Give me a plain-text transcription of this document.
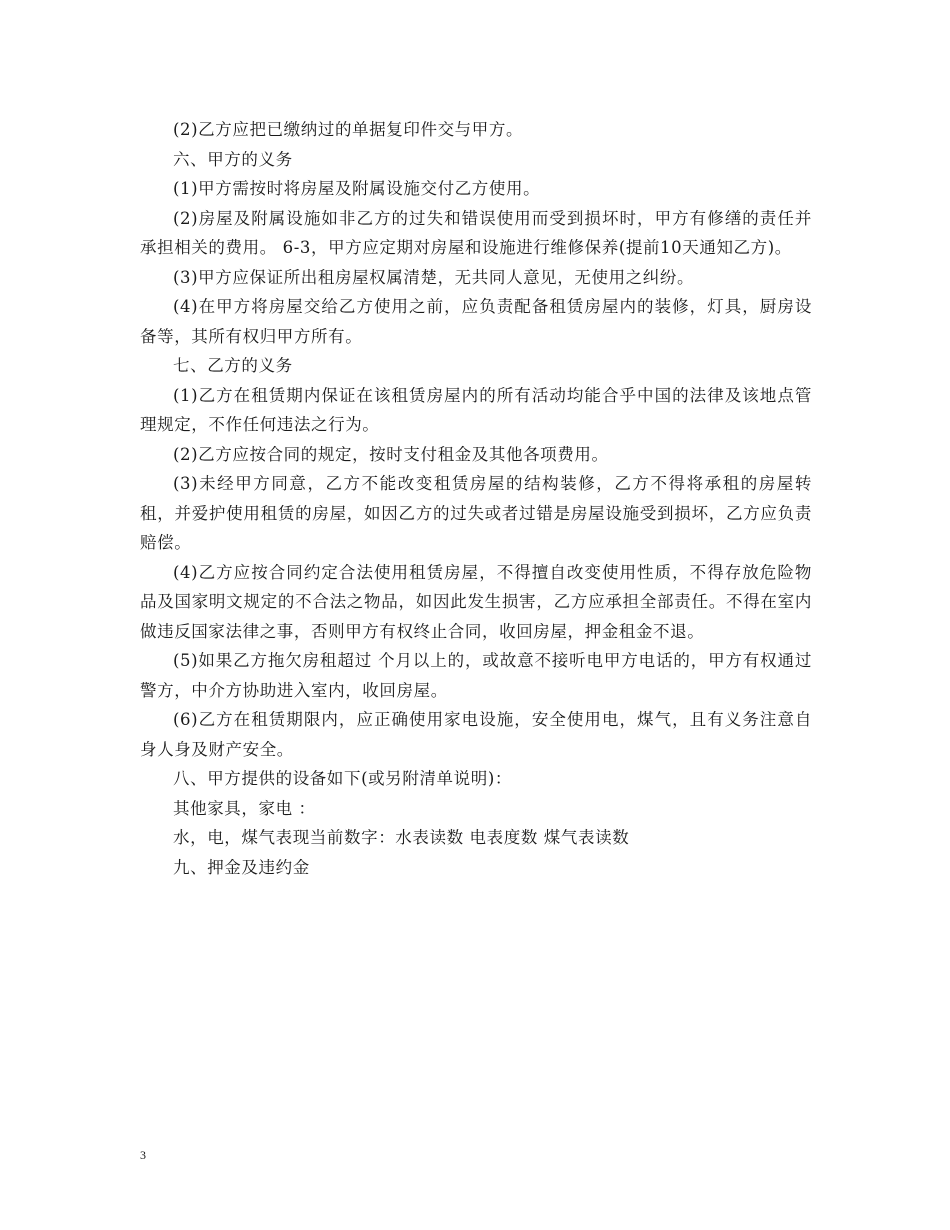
(2)乙方应把已缴纳过的单据复印件交与甲方。

六、甲方的义务

(1)甲方需按时将房屋及附属设施交付乙方使用。

(2)房屋及附属设施如非乙方的过失和错误使用而受到损坏时，甲方有修缮的责任并承担相关的费用。 6-3，甲方应定期对房屋和设施进行维修保养(提前10天通知乙方)。

(3)甲方应保证所出租房屋权属清楚，无共同人意见，无使用之纠纷。

(4)在甲方将房屋交给乙方使用之前，应负责配备租赁房屋内的装修，灯具，厨房设备等，其所有权归甲方所有。

七、乙方的义务

(1)乙方在租赁期内保证在该租赁房屋内的所有活动均能合乎中国的法律及该地点管理规定，不作任何违法之行为。

(2)乙方应按合同的规定，按时支付租金及其他各项费用。

(3)未经甲方同意，乙方不能改变租赁房屋的结构装修，乙方不得将承租的房屋转租，并爱护使用租赁的房屋，如因乙方的过失或者过错是房屋设施受到损坏，乙方应负责赔偿。

(4)乙方应按合同约定合法使用租赁房屋，不得擅自改变使用性质，不得存放危险物品及国家明文规定的不合法之物品，如因此发生损害，乙方应承担全部责任。不得在室内做违反国家法律之事，否则甲方有权终止合同，收回房屋，押金租金不退。

(5)如果乙方拖欠房租超过 个月以上的，或故意不接听电甲方电话的，甲方有权通过警方，中介方协助进入室内，收回房屋。

(6)乙方在租赁期限内，应正确使用家电设施，安全使用电，煤气，且有义务注意自身人身及财产安全。

八、甲方提供的设备如下(或另附清单说明)：

其他家具，家电 ：

水，电，煤气表现当前数字：水表读数 电表度数 煤气表读数

九、押金及违约金

3
